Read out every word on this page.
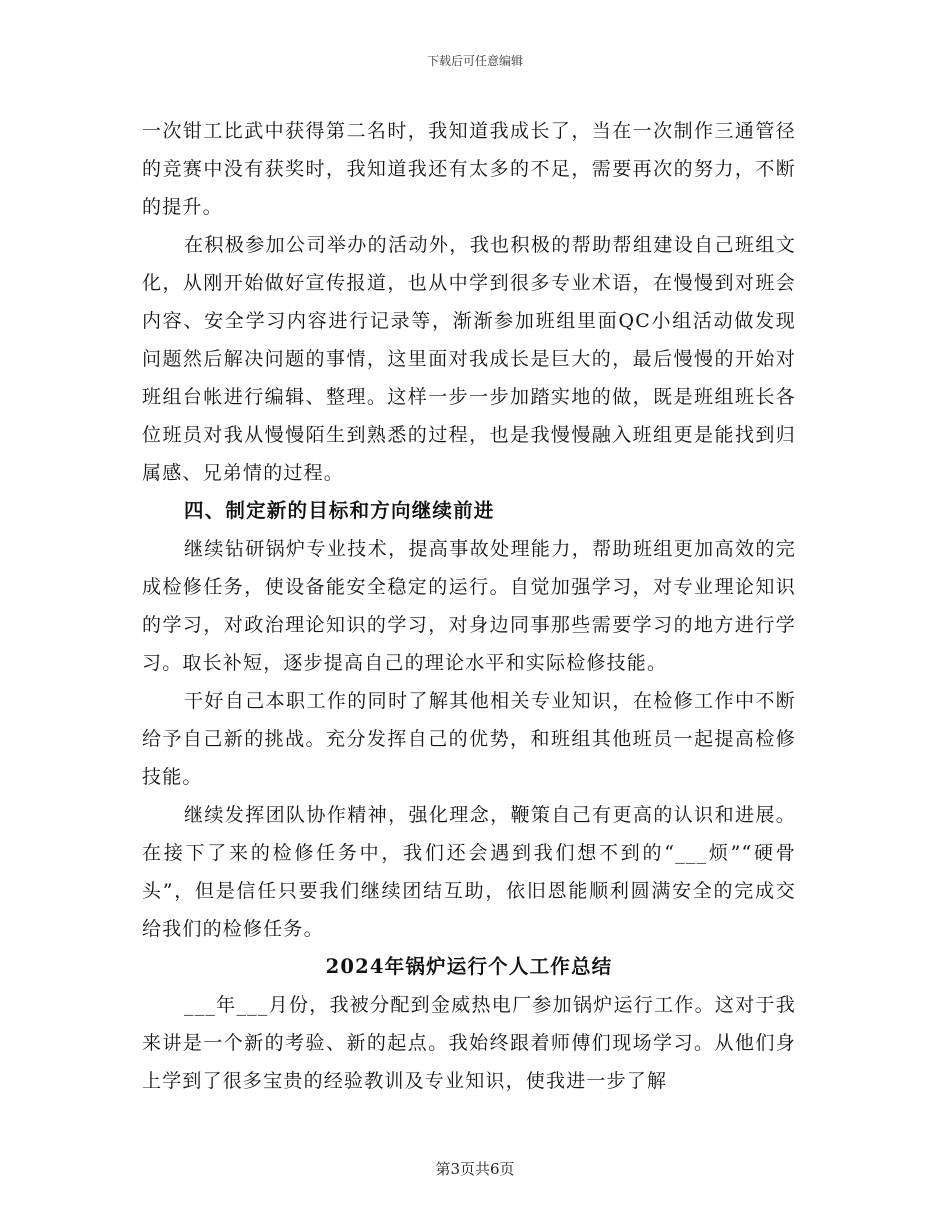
下载后可任意编辑

一次钳工比武中获得第二名时，我知道我成长了，当在一次制作三通管径的竞赛中没有获奖时，我知道我还有太多的不足，需要再次的努力，不断的提升。

在积极参加公司举办的活动外，我也积极的帮助帮组建设自己班组文化，从刚开始做好宣传报道，也从中学到很多专业术语，在慢慢到对班会内容、安全学习内容进行记录等，渐渐参加班组里面QC小组活动做发现问题然后解决问题的事情，这里面对我成长是巨大的，最后慢慢的开始对班组台帐进行编辑、整理。这样一步一步加踏实地的做，既是班组班长各位班员对我从慢慢陌生到熟悉的过程，也是我慢慢融入班组更是能找到归属感、兄弟情的过程。

四、制定新的目标和方向继续前进

继续钻研锅炉专业技术，提高事故处理能力，帮助班组更加高效的完成检修任务，使设备能安全稳定的运行。自觉加强学习，对专业理论知识的学习，对政治理论知识的学习，对身边同事那些需要学习的地方进行学习。取长补短，逐步提高自己的理论水平和实际检修技能。

干好自己本职工作的同时了解其他相关专业知识，在检修工作中不断给予自己新的挑战。充分发挥自己的优势，和班组其他班员一起提高检修技能。

继续发挥团队协作精神，强化理念，鞭策自己有更高的认识和进展。在接下了来的检修任务中，我们还会遇到我们想不到的“___烦”“硬骨头”，但是信任只要我们继续团结互助，依旧恩能顺利圆满安全的完成交给我们的检修任务。

2024年锅炉运行个人工作总结

___年___月份，我被分配到金威热电厂参加锅炉运行工作。这对于我来讲是一个新的考验、新的起点。我始终跟着师傅们现场学习。从他们身上学到了很多宝贵的经验教训及专业知识，使我进一步了解

第3页共6页
